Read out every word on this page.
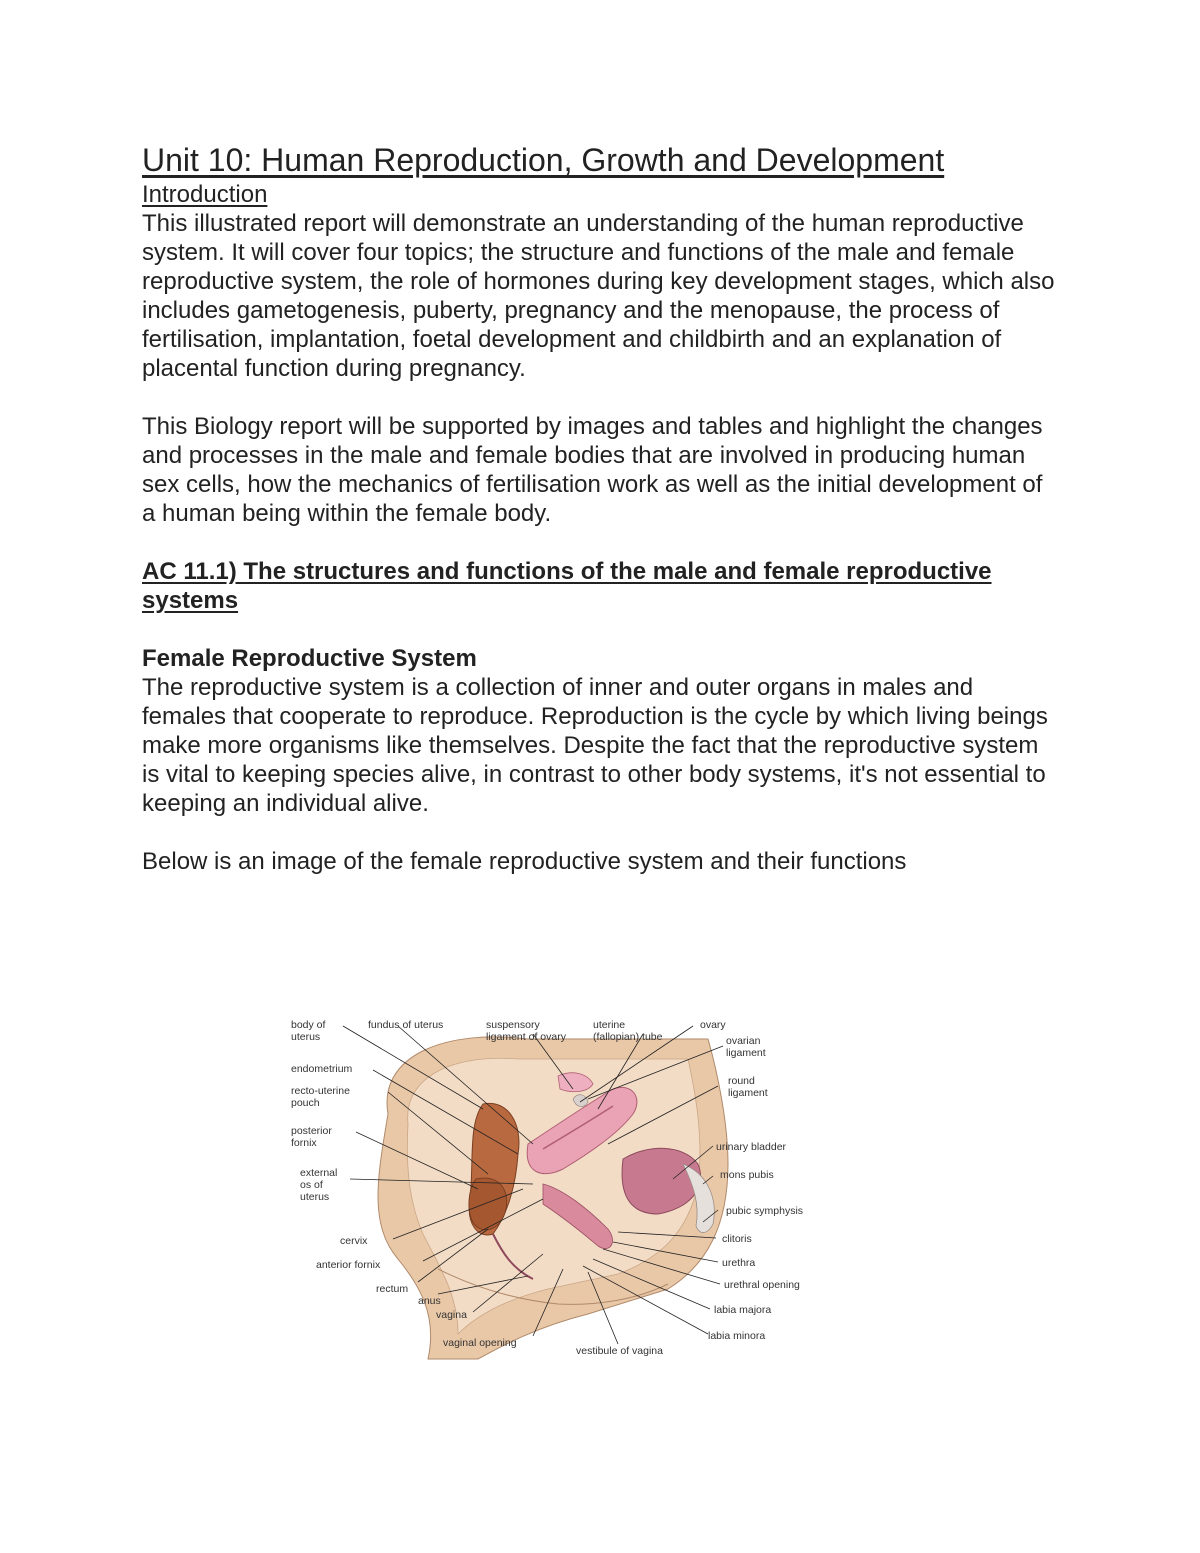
Unit 10: Human Reproduction, Growth and Development
Introduction

This illustrated report will demonstrate an understanding of the human reproductive system. It will cover four topics; the structure and functions of the male and female reproductive system, the role of hormones during key development stages, which also includes gametogenesis, puberty, pregnancy and the menopause, the process of fertilisation, implantation, foetal development and childbirth and an explanation of placental function during pregnancy.

This Biology report will be supported by images and tables and highlight the changes and processes in the male and female bodies that are involved in producing human sex cells, how the mechanics of fertilisation work as well as the initial development of a human being within the female body.

AC 11.1) The structures and functions of the male and female reproductive systems
Female Reproductive System

The reproductive system is a collection of inner and outer organs in males and females that cooperate to reproduce. Reproduction is the cycle by which living beings make more organisms like themselves. Despite the fact that the reproductive system is vital to keeping species alive, in contrast to other body systems, it's not essential to keeping an individual alive.

Below is an image of the female reproductive system and their functions

body of
uterus
fundus of uterus	suspensory
ligament of ovary
uterine
(fallopian) tube
ovary
ovarian
ligament
endometrium
recto-uterine
pouch
round
ligament
posterior
fornix	urinary bladder
external
os of
uterus
mons pubis
pubic symphysis
cervix	clitoris
anterior fornix	urethra
rectum	urethral opening
anus
labia majora
vagina
labia minora
vaginal opening
vestibule of vagina
